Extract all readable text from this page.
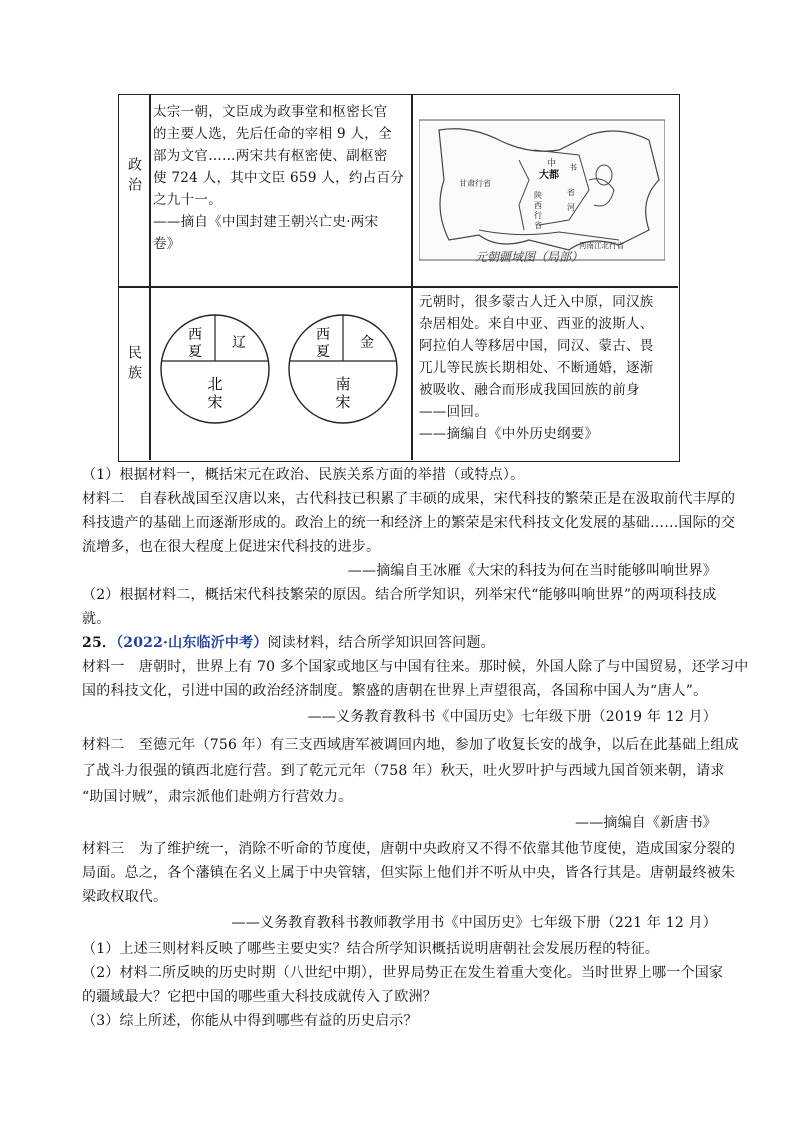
政治
民族

太宗一朝，文臣成为政事堂和枢密长官

的主要人选，先后任命的宰相 9 人，全

部为文官……两宋共有枢密使、副枢密

使 724 人，其中文臣 659 人，约占百分

之九十一。

——摘自《中国封建王朝兴亡史·两宋

卷》

中
大都
甘肃行省
书
陕
西
行
省
河
省
河南江北行省
元朝疆域图（局部）
西
夏
辽
北
宋
西
夏
金
南
宋

元朝时，很多蒙古人迁入中原，同汉族

杂居相处。来自中亚、西亚的波斯人、

阿拉伯人等移居中国，同汉、蒙古、畏

兀儿等民族长期相处、不断通婚，逐渐

被吸收、融合而形成我国回族的前身

——回回。

——摘编自《中外历史纲要》

（1）根据材料一，概括宋元在政治、民族关系方面的举措（或特点）。
材料二　自春秋战国至汉唐以来，古代科技已积累了丰硕的成果，宋代科技的繁荣正是在汲取前代丰厚的
科技遗产的基础上而逐渐形成的。政治上的统一和经济上的繁荣是宋代科技文化发展的基础……国际的交
流增多，也在很大程度上促进宋代科技的进步。
——摘编自王冰雁《大宋的科技为何在当时能够叫响世界》
（2）根据材料二，概括宋代科技繁荣的原因。结合所学知识，列举宋代“能够叫响世界”的两项科技成
就。
25．（2022·山东临沂中考）阅读材料，结合所学知识回答问题。
材料一　唐朝时，世界上有 70 多个国家或地区与中国有往来。那时候，外国人除了与中国贸易，还学习中
国的科技文化，引进中国的政治经济制度。繁盛的唐朝在世界上声望很高，各国称中国人为“唐人”。
——义务教育教科书《中国历史》七年级下册（2019 年 12 月）
材料二　至德元年（756 年）有三支西域唐军被调回内地，参加了收复长安的战争，以后在此基础上组成
了战斗力很强的镇西北庭行营。到了乾元元年（758 年）秋天，吐火罗叶护与西域九国首领来朝，请求
“助国讨贼”，肃宗派他们赴朔方行营效力。
——摘编自《新唐书》
材料三　为了维护统一，消除不听命的节度使，唐朝中央政府又不得不依靠其他节度使，造成国家分裂的
局面。总之，各个藩镇在名义上属于中央管辖，但实际上他们并不听从中央，皆各行其是。唐朝最终被朱
梁政权取代。
——义务教育教科书教师教学用书《中国历史》七年级下册（221 年 12 月）
（1）上述三则材料反映了哪些主要史实？结合所学知识概括说明唐朝社会发展历程的特征。
（2）材料二所反映的历史时期（八世纪中期），世界局势正在发生着重大变化。当时世界上哪一个国家
的疆域最大？它把中国的哪些重大科技成就传入了欧洲？
（3）综上所述，你能从中得到哪些有益的历史启示？
